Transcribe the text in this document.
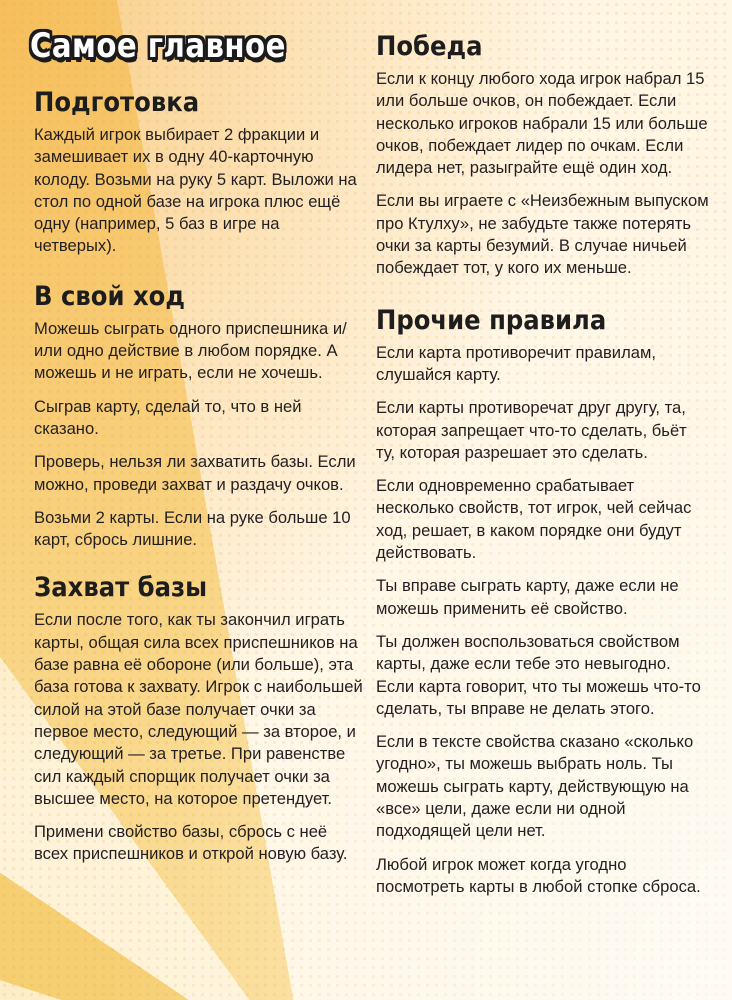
Самое главное
Подготовка

Каждый игрок выбирает 2 фракции и замешивает их в одну 40-карточную колоду. Возьми на руку 5 карт. Выложи на стол по одной базе на игрока плюс ещё одну (например, 5 баз в игре на четверых).

В свой ход

Можешь сыграть одного приспешника и/или одно действие в любом порядке. А можешь и не играть, если не хочешь.

Сыграв карту, сделай то, что в ней сказано.

Проверь, нельзя ли захватить базы. Если можно, проведи захват и раздачу очков.

Возьми 2 карты. Если на руке больше 10 карт, сбрось лишние.

Захват базы

Если после того, как ты закончил играть карты, общая сила всех приспешников на базе равна её обороне (или больше), эта база готова к захвату. Игрок с наибольшей силой на этой базе получает очки за первое место, следующий — за второе, и следующий — за третье. При равенстве сил каждый спорщик получает очки за высшее место, на которое претендует.

Примени свойство базы, сбрось с неё всех приспешников и открой новую базу.

Победа

Если к концу любого хода игрок набрал 15 или больше очков, он побеждает. Если несколько игроков набрали 15 или больше очков, побеждает лидер по очкам. Если лидера нет, разыграйте ещё один ход.

Если вы играете с «Неизбежным выпуском про Ктулху», не забудьте также потерять очки за карты безумий. В случае ничьей побеждает тот, у кого их меньше.

Прочие правила

Если карта противоречит правилам, слушайся карту.

Если карты противоречат друг другу, та, которая запрещает что-то сделать, бьёт ту, которая разрешает это сделать.

Если одновременно срабатывает несколько свойств, тот игрок, чей сейчас ход, решает, в каком порядке они будут действовать.

Ты вправе сыграть карту, даже если не можешь применить её свойство.

Ты должен воспользоваться свойством карты, даже если тебе это невыгодно. Если карта говорит, что ты можешь что-то сделать, ты вправе не делать этого.

Если в тексте свойства сказано «сколько угодно», ты можешь выбрать ноль. Ты можешь сыграть карту, действующую на «все» цели, даже если ни одной подходящей цели нет.

Любой игрок может когда угодно посмотреть карты в любой стопке сброса.
